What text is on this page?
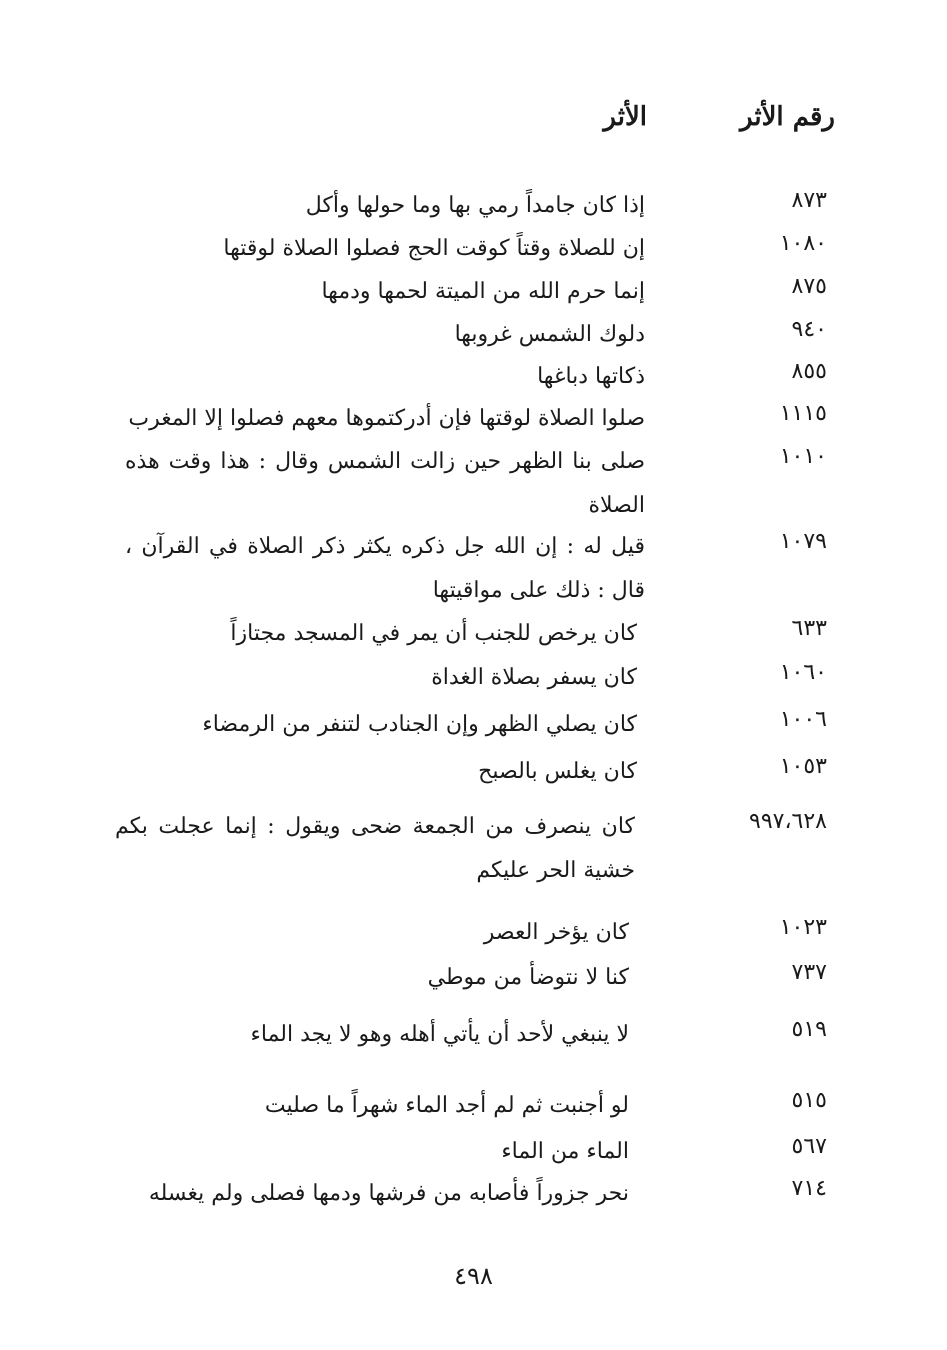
رقم الأثر
الأثر
٨٧٣
إذا كان جامداً رمي بها وما حولها وأكل
١٠٨٠
إن للصلاة وقتاً كوقت الحج فصلوا الصلاة لوقتها
٨٧٥
إنما حرم الله من الميتة لحمها ودمها
٩٤٠
دلوك الشمس غروبها
٨٥٥
ذكاتها دباغها
١١١٥
صلوا الصلاة لوقتها فإن أدركتموها معهم فصلوا إلا المغرب
١٠١٠
صلى بنا الظهر حين زالت الشمس وقال : هذا وقت هذه الصلاة
١٠٧٩
قيل له : إن الله جل ذكره يكثر ذكر الصلاة في القرآن ، قال : ذلك على مواقيتها
٦٣٣
كان يرخص للجنب أن يمر في المسجد مجتازاً
١٠٦٠
كان يسفر بصلاة الغداة
١٠٠٦
كان يصلي الظهر وإن الجنادب لتنفر من الرمضاء
١٠٥٣
كان يغلس بالصبح
٩٩٧،٦٢٨
كان ينصرف من الجمعة ضحى ويقول : إنما عجلت بكم خشية الحر عليكم
١٠٢٣
كان يؤخر العصر
٧٣٧
كنا لا نتوضأ من موطي
٥١٩
لا ينبغي لأحد أن يأتي أهله وهو لا يجد الماء
٥١٥
لو أجنبت ثم لم أجد الماء شهراً ما صليت
٥٦٧
الماء من الماء
٧١٤
نحر جزوراً فأصابه من فرشها ودمها فصلى ولم يغسله
٤٩٨
